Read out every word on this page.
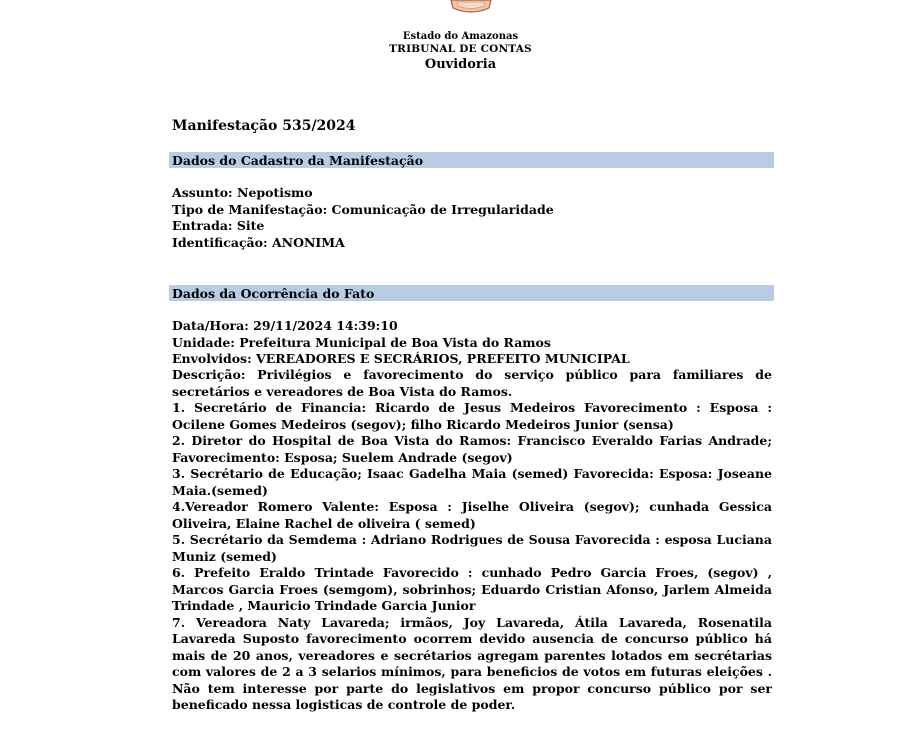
Estado do Amazonas
TRIBUNAL DE CONTAS
Ouvidoria
Manifestação 535/2024
Dados do Cadastro da Manifestação
Assunto: Nepotismo
Tipo de Manifestação: Comunicação de Irregularidade
Entrada: Site
Identificação: ANONIMA
Dados da Ocorrência do Fato
Data/Hora: 29/11/2024 14:39:10
Unidade: Prefeitura Municipal de Boa Vista do Ramos
Envolvidos: VEREADORES E SECRÁRIOS, PREFEITO MUNICIPAL

Descrição: Privilégios e favorecimento do serviço público para familiares de secretários e vereadores de Boa Vista do Ramos.

1. Secretário de Financia: Ricardo de Jesus Medeiros Favorecimento : Esposa : Ocilene Gomes Medeiros (segov); filho Ricardo Medeiros Junior (sensa)

2. Diretor do Hospital de Boa Vista do Ramos: Francisco Everaldo Farias Andrade; Favorecimento: Esposa; Suelem Andrade (segov)

3. Secrétario de Educação; Isaac Gadelha Maia (semed) Favorecida: Esposa: Joseane Maia.(semed)

4.Vereador Romero Valente: Esposa : Jiselhe Oliveira (segov); cunhada Gessica Oliveira, Elaine Rachel de oliveira ( semed)

5. Secrétario da Semdema : Adriano Rodrigues de Sousa Favorecida : esposa Luciana Muniz (semed)

6. Prefeito Eraldo Trintade Favorecido : cunhado Pedro Garcia Froes, (segov) , Marcos Garcia Froes (semgom), sobrinhos; Eduardo Cristian Afonso, Jarlem Almeida Trindade , Mauricio Trindade Garcia Junior

7. Vereadora Naty Lavareda; irmãos, Joy Lavareda, Átila Lavareda, Rosenatila Lavareda Suposto favorecimento ocorrem devido ausencia de concurso público há mais de 20 anos, vereadores e secrétarios agregam parentes lotados em secrétarias com valores de 2 a 3 selarios mínimos, para beneficios de votos em futuras eleições . Não tem interesse por parte do legislativos em propor concurso público por ser beneficado nessa logisticas de controle de poder.
